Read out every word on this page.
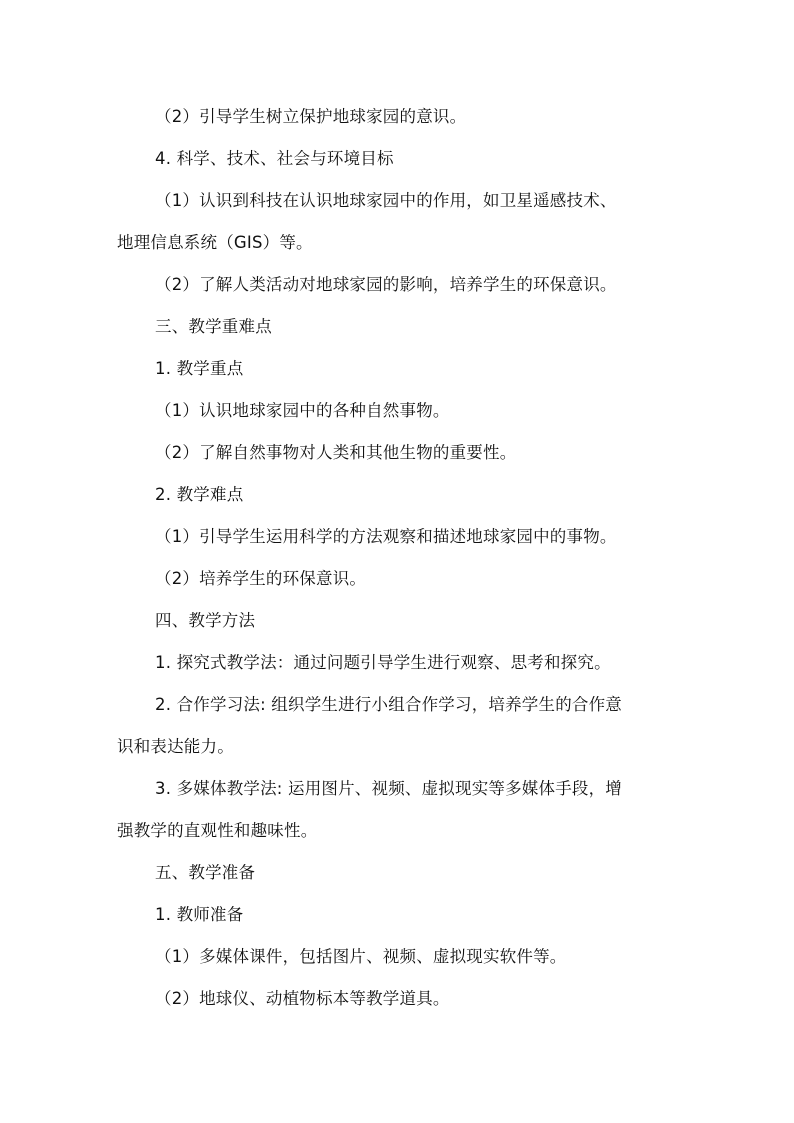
（2）引导学生树立保护地球家园的意识。
4. 科学、技术、社会与环境目标
（1）认识到科技在认识地球家园中的作用，如卫星遥感技术、
地理信息系统（GIS）等。
（2）了解人类活动对地球家园的影响，培养学生的环保意识。
三、教学重难点
1. 教学重点
（1）认识地球家园中的各种自然事物。
（2）了解自然事物对人类和其他生物的重要性。
2. 教学难点
（1）引导学生运用科学的方法观察和描述地球家园中的事物。
（2）培养学生的环保意识。
四、教学方法
1. 探究式教学法：通过问题引导学生进行观察、思考和探究。
2. 合作学习法: 组织学生进行小组合作学习，培养学生的合作意
识和表达能力。
3. 多媒体教学法: 运用图片、视频、虚拟现实等多媒体手段，增
强教学的直观性和趣味性。
五、教学准备
1. 教师准备
（1）多媒体课件，包括图片、视频、虚拟现实软件等。
（2）地球仪、动植物标本等教学道具。
